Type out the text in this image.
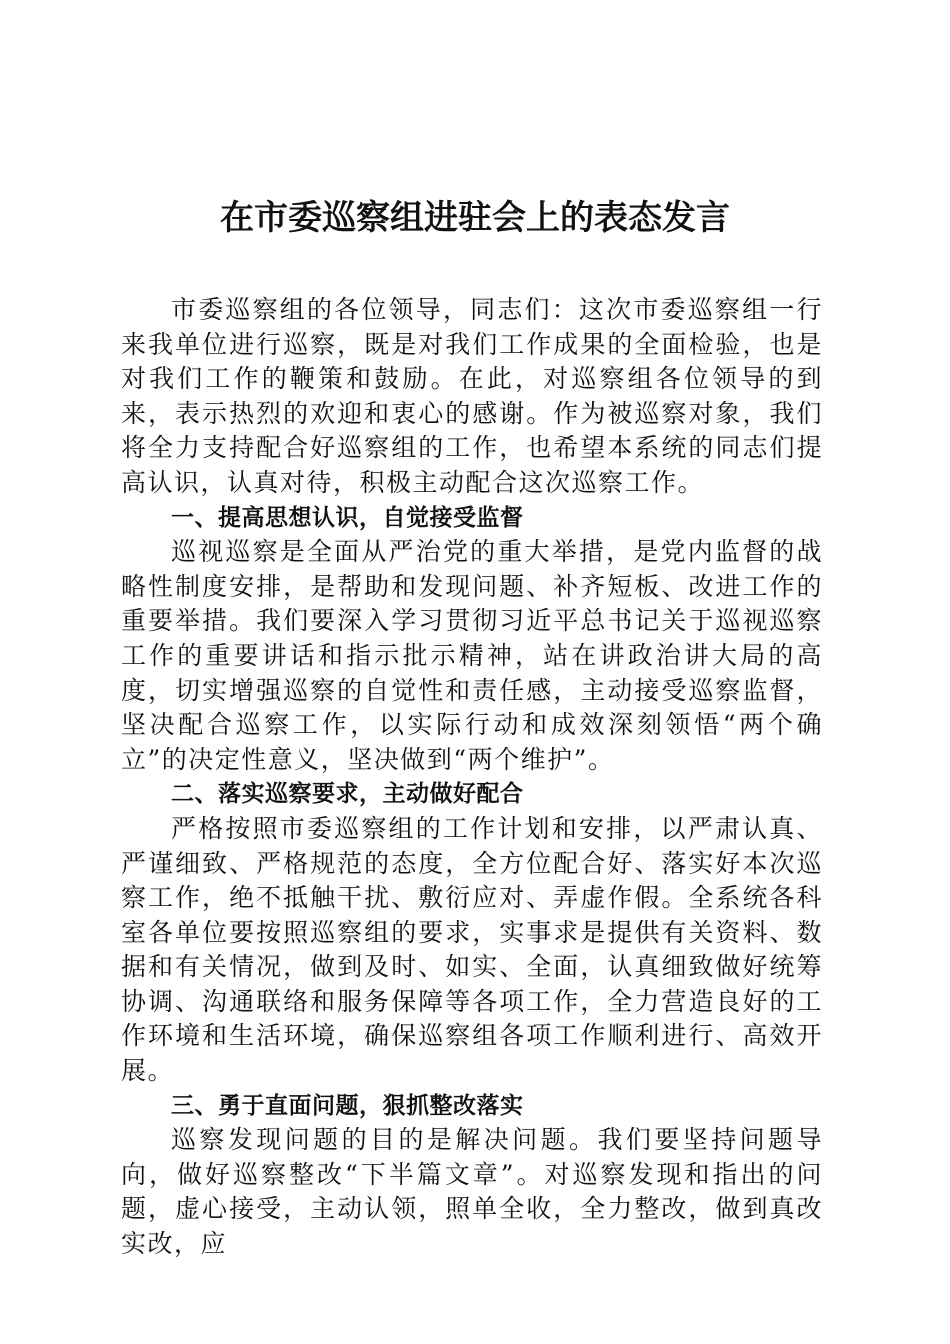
在市委巡察组进驻会上的表态发言

市委巡察组的各位领导，同志们：这次市委巡察组一行来我单位进行巡察，既是对我们工作成果的全面检验，也是对我们工作的鞭策和鼓励。在此，对巡察组各位领导的到来，表示热烈的欢迎和衷心的感谢。作为被巡察对象，我们将全力支持配合好巡察组的工作，也希望本系统的同志们提高认识，认真对待，积极主动配合这次巡察工作。

一、提高思想认识，自觉接受监督

巡视巡察是全面从严治党的重大举措，是党内监督的战略性制度安排，是帮助和发现问题、补齐短板、改进工作的重要举措。我们要深入学习贯彻习近平总书记关于巡视巡察工作的重要讲话和指示批示精神，站在讲政治讲大局的高度，切实增强巡察的自觉性和责任感，主动接受巡察监督，坚决配合巡察工作，以实际行动和成效深刻领悟“两个确立”的决定性意义，坚决做到“两个维护”。

二、落实巡察要求，主动做好配合

严格按照市委巡察组的工作计划和安排，以严肃认真、严谨细致、严格规范的态度，全方位配合好、落实好本次巡察工作，绝不抵触干扰、敷衍应对、弄虚作假。全系统各科室各单位要按照巡察组的要求，实事求是提供有关资料、数据和有关情况，做到及时、如实、全面，认真细致做好统筹协调、沟通联络和服务保障等各项工作，全力营造良好的工作环境和生活环境，确保巡察组各项工作顺利进行、高效开展。

三、勇于直面问题，狠抓整改落实

巡察发现问题的目的是解决问题。我们要坚持问题导向，做好巡察整改“下半篇文章”。对巡察发现和指出的问题，虚心接受，主动认领，照单全收，全力整改，做到真改实改，应
